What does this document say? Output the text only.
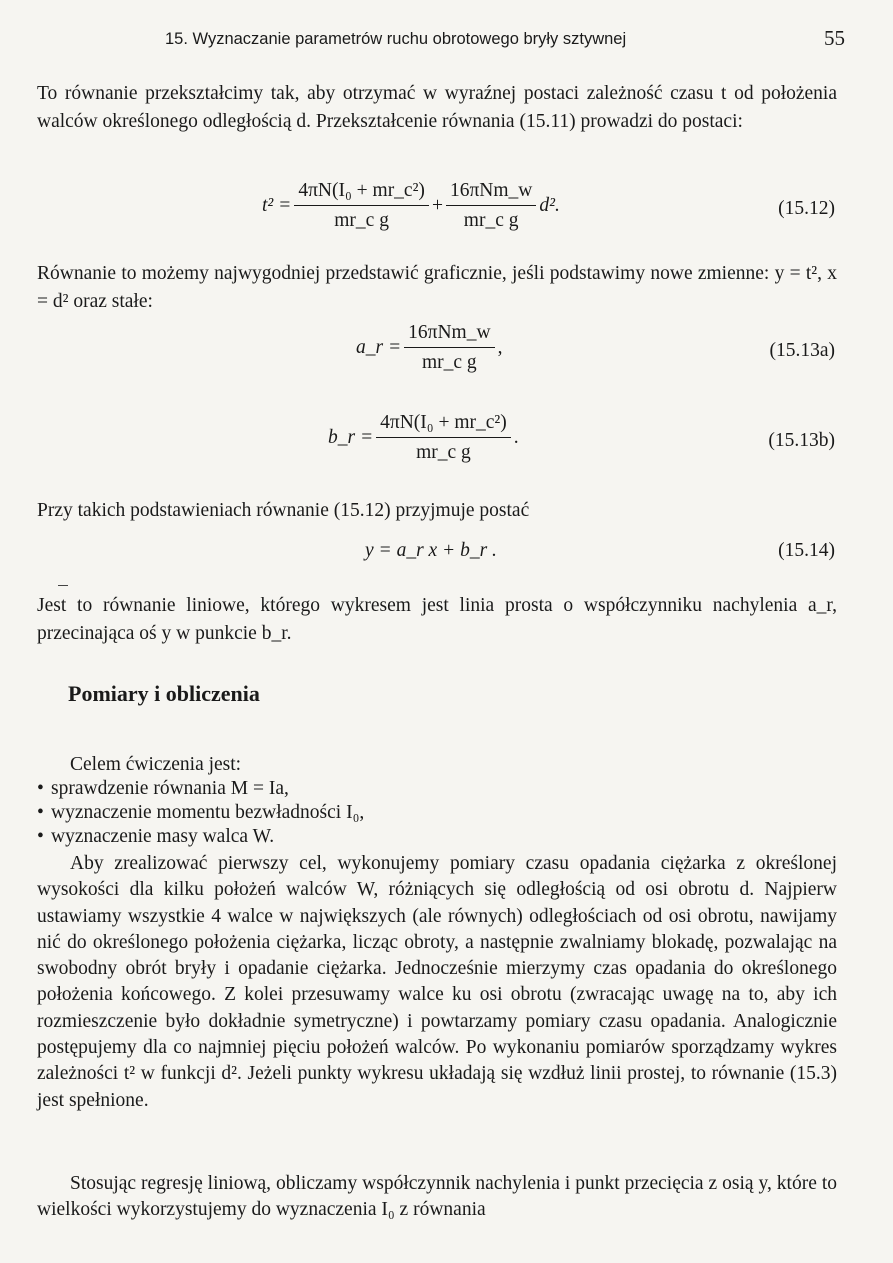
15. Wyznaczanie parametrów ruchu obrotowego bryły sztywnej	55

To równanie przekształcimy tak, aby otrzymać w wyraźnej postaci zależność czasu t od położenia walców określonego odległością d. Przekształcenie równania (15.11) prowadzi do postaci:

$t^2 = \frac{\text{4πN(I₀ + mr\_c²)}}{\text{mr\_c g}} + \frac{\text{16πNm\_w}}{\text{mr\_c g}} d^2$.	(15.12)

Równanie to możemy najwygodniej przedstawić graficznie, jeśli podstawimy nowe zmienne: y = t², x = d² oraz stałe:

a_r = $\frac{\text{16πNm\_w}}{\text{mr\_c g}}$ ,	(15.13a)
b_r = $\frac{\text{4πN(I₀ + mr\_c²)}}{\text{mr\_c g}}$ .	(15.13b)

Przy takich podstawieniach równanie (15.12) przyjmuje postać

y = a_r x + b_r .	(15.14)

Jest to równanie liniowe, którego wykresem jest linia prosta o współczynniku nachylenia a_r, przecinająca oś y w punkcie b_r.

Pomiary i obliczenia
Celem ćwiczenia jest:
• sprawdzenie równania M = Ia,
• wyznaczenie momentu bezwładności I₀,
• wyznaczenie masy walca W.

Aby zrealizować pierwszy cel, wykonujemy pomiary czasu opadania ciężarka z określonej wysokości dla kilku położeń walców W, różniących się odległością od osi obrotu d. Najpierw ustawiamy wszystkie 4 walce w największych (ale równych) odległościach od osi obrotu, nawijamy nić do określonego położenia ciężarka, licząc obroty, a następnie zwalniamy blokadę, pozwalając na swobodny obrót bryły i opadanie ciężarka. Jednocześnie mierzymy czas opadania do określonego położenia końcowego. Z kolei przesuwamy walce ku osi obrotu (zwracając uwagę na to, aby ich rozmieszczenie było dokładnie symetryczne) i powtarzamy pomiary czasu opadania. Analogicznie postępujemy dla co najmniej pięciu położeń walców. Po wykonaniu pomiarów sporządzamy wykres zależności t² w funkcji d². Jeżeli punkty wykresu układają się wzdłuż linii prostej, to równanie (15.3) jest spełnione.

Stosując regresję liniową, obliczamy współczynnik nachylenia i punkt przecięcia z osią y, które to wielkości wykorzystujemy do wyznaczenia I₀ z równania
